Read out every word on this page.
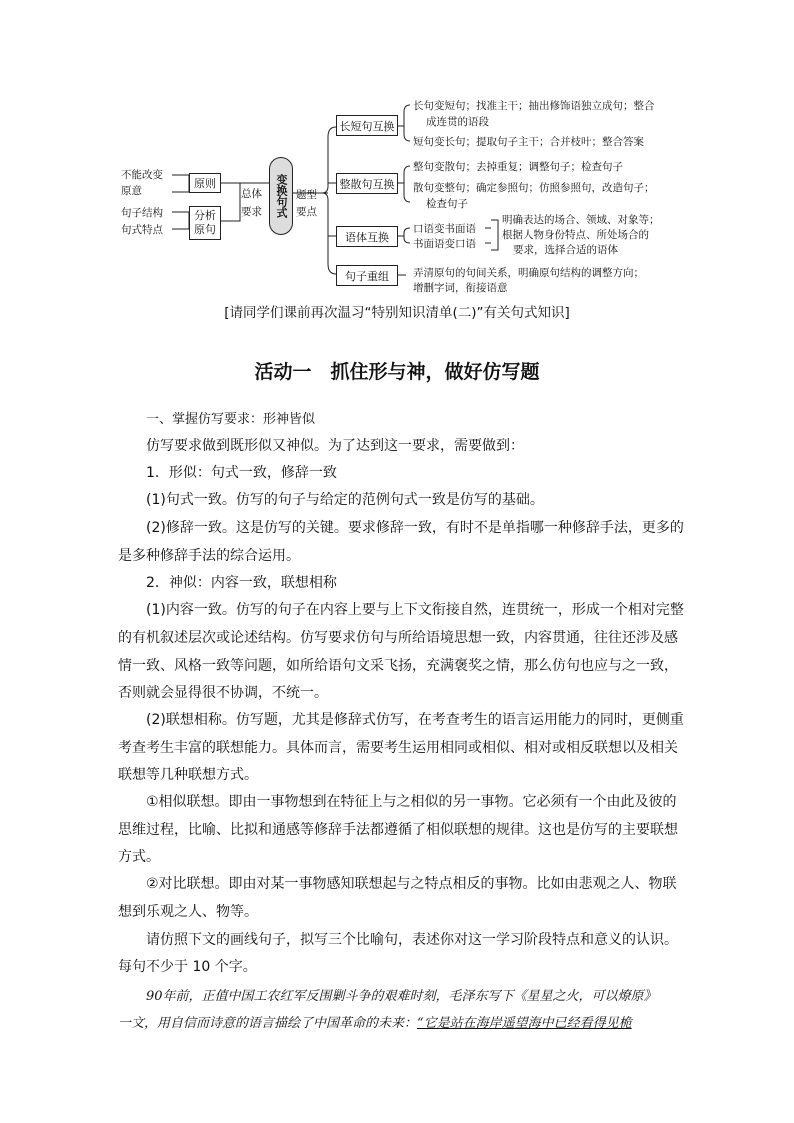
不能改变
原意
句子结构
句式特点
原则
分析
原句
总体
要求	变换句式 题型
要点
长短句互换
整散句互换
语体互换
句子重组
长句变短句；找准主干；抽出修饰语独立成句；整合
成连贯的语段
短句变长句；提取句子主干；合并枝叶；整合答案
整句变散句；去掉重复；调整句子；检查句子
散句变整句；确定参照句；仿照参照句，改造句子；
检查句子
口语变书面语
书面语变口语
明确表达的场合、领域、对象等；
根据人物身份特点、所处场合的
要求，选择合适的语体
弄清原句的句间关系，明确原句结构的调整方向；
增删字词，衔接语意
[请同学们课前再次温习“特别知识清单(二)”有关句式知识]
活动一　抓住形与神，做好仿写题
一、掌握仿写要求：形神皆似
仿写要求做到既形似又神似。为了达到这一要求，需要做到：
1．形似：句式一致，修辞一致
(1)句式一致。仿写的句子与给定的范例句式一致是仿写的基础。
(2)修辞一致。这是仿写的关键。要求修辞一致，有时不是单指哪一种修辞手法，更多的
是多种修辞手法的综合运用。
2．神似：内容一致，联想相称
(1)内容一致。仿写的句子在内容上要与上下文衔接自然，连贯统一，形成一个相对完整
的有机叙述层次或论述结构。仿写要求仿句与所给语境思想一致，内容贯通，往往还涉及感
情一致、风格一致等问题，如所给语句文采飞扬，充满褒奖之情，那么仿句也应与之一致，
否则就会显得很不协调，不统一。
(2)联想相称。仿写题，尤其是修辞式仿写，在考查考生的语言运用能力的同时，更侧重
考查考生丰富的联想能力。具体而言，需要考生运用相同或相似、相对或相反联想以及相关
联想等几种联想方式。
①相似联想。即由一事物想到在特征上与之相似的另一事物。它必须有一个由此及彼的
思维过程，比喻、比拟和通感等修辞手法都遵循了相似联想的规律。这也是仿写的主要联想
方式。
②对比联想。即由对某一事物感知联想起与之特点相反的事物。比如由悲观之人、物联
想到乐观之人、物等。
请仿照下文的画线句子，拟写三个比喻句，表述你对这一学习阶段特点和意义的认识。
每句不少于 10 个字。
90年前，正值中国工农红军反围剿斗争的艰难时刻，毛泽东写下《星星之火，可以燎原》
一文，用自信而诗意的语言描绘了中国革命的未来：“它是站在海岸遥望海中已经看得见桅
